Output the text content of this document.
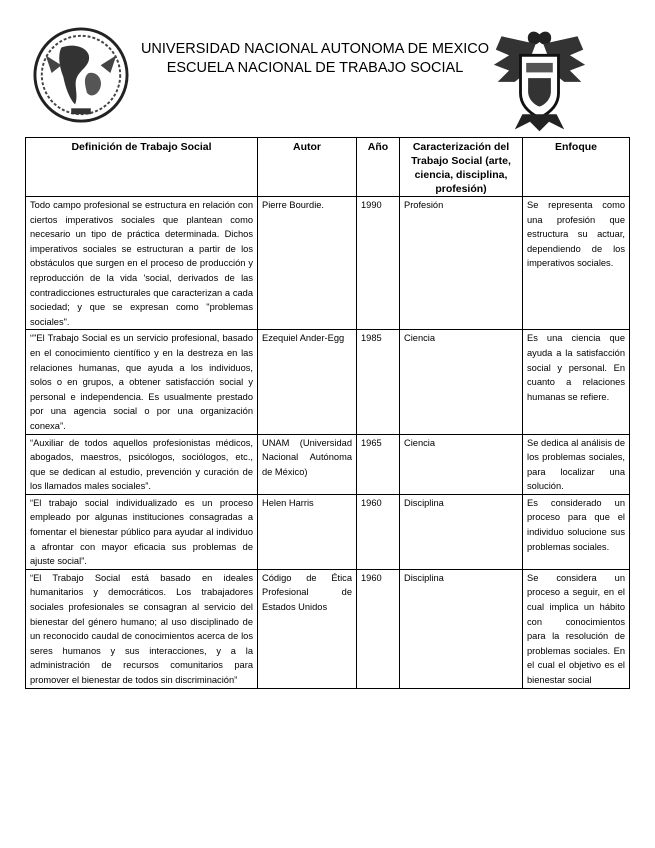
UNIVERSIDAD NACIONAL AUTONOMA DE MEXICO
ESCUELA NACIONAL DE TRABAJO SOCIAL
Definición de Trabajo Social	Autor	Año	Caracterización del Trabajo Social (arte, ciencia, disciplina, profesión)	Enfoque
Todo campo profesional se estructura en relación con ciertos imperativos sociales que plantean como necesario un tipo de práctica determinada. Dichos imperativos sociales se estructuran a partir de los obstáculos que surgen en el proceso de producción y reproducción de la vida 'social, derivados de las contradicciones estructurales que caracterizan a cada sociedad; y que se expresan como "problemas sociales".	Pierre Bourdie.	1990	Profesión	Se representa como una profesión que estructura su actuar, dependiendo de los imperativos sociales.
“"El Trabajo Social es un servicio profesional, basado en el conocimiento científico y en la destreza en las relaciones humanas, que ayuda a los individuos, solos o en grupos, a obtener satisfacción social y personal e independencia. Es usualmente prestado por una agencia social o por una organización conexa”.	Ezequiel Ander-Egg	1985	Ciencia	Es una ciencia que ayuda a la satisfacción social y personal. En cuanto a relaciones humanas se refiere.
“Auxiliar de todos aquellos profesionistas médicos, abogados, maestros, psicólogos, sociólogos, etc., que se dedican al estudio, prevención y curación de los llamados males sociales”.	UNAM (Universidad Nacional Autónoma de México)	1965	Ciencia	Se dedica al análisis de los problemas sociales, para localizar una solución.
“El trabajo social individualizado es un proceso empleado por algunas instituciones consagradas a fomentar el bienestar público para ayudar al individuo a afrontar con mayor eficacia sus problemas de ajuste social”.	Helen Harris	1960	Disciplina	Es considerado un proceso para que el individuo solucione sus problemas sociales.
“El Trabajo Social está basado en ideales humanitarios y democráticos. Los trabajadores sociales profesionales se consagran al servicio del bienestar del género humano; al uso disciplinado de un reconocido caudal de conocimientos acerca de los seres humanos y sus interacciones, y a la administración de recursos comunitarios para promover el bienestar de todos sin discriminación”	Código de Ética Profesional de Estados Unidos	1960	Disciplina	Se considera un proceso a seguir, en el cual implica un hábito con conocimientos para la resolución de problemas sociales. En el cual el objetivo es el bienestar social
